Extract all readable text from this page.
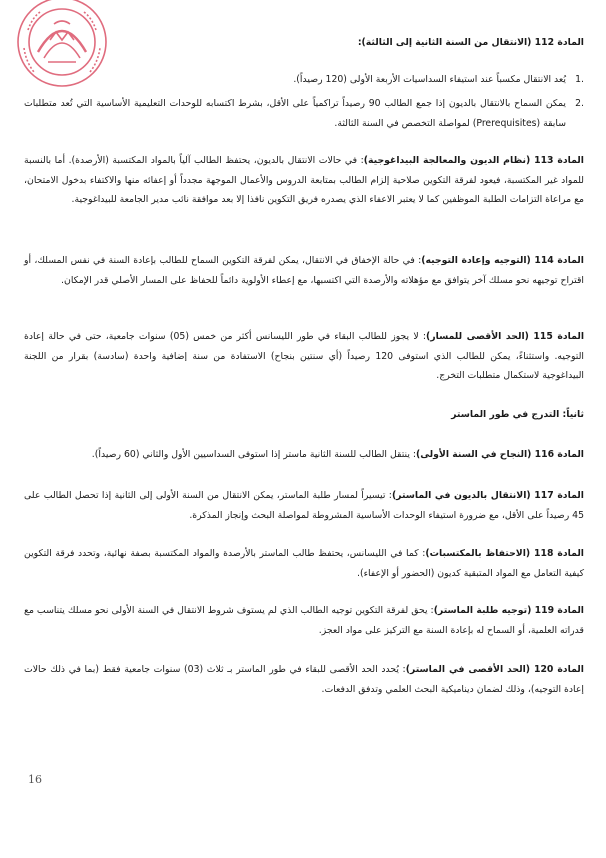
المادة 112 (الانتقال من السنة الثانية إلى الثالثة):

.1
يُعد الانتقال مكسباً عند استيفاء السداسيات الأربعة الأولى (120 رصيداً).
.2
يمكن السماح بالانتقال بالديون إذا جمع الطالب 90 رصيداً تراكمياً على الأقل، بشرط اكتسابه للوحدات التعليمية الأساسية التي تُعد متطلبات سابقة (Prerequisites) لمواصلة التخصص في السنة الثالثة.

المادة 113 (نظام الديون والمعالجة البيداغوجية): في حالات الانتقال بالديون، يحتفظ الطالب آلياً بالمواد المكتسبة (الأرصدة). أما بالنسبة للمواد غير المكتسبة، فيعود لفرقة التكوين صلاحية إلزام الطالب بمتابعة الدروس والأعمال الموجهة مجدداً أو إعفائه منها والاكتفاء بدخول الامتحان، مع مراعاة التزامات الطلبة الموظفين كما لا يعتبر الاعفاء الذي يصدره فريق التكوين نافذا إلا بعد موافقة نائب مدير الجامعة للبيداغوجية.

المادة 114 (التوجيه وإعادة التوجيه): في حالة الإخفاق في الانتقال، يمكن لفرقة التكوين السماح للطالب بإعادة السنة في نفس المسلك، أو اقتراح توجيهه نحو مسلك آخر يتوافق مع مؤهلاته والأرصدة التي اكتسبها، مع إعطاء الأولوية دائماً للحفاظ على المسار الأصلي قدر الإمكان.

المادة 115 (الحد الأقصى للمسار): لا يجوز للطالب البقاء في طور الليسانس أكثر من خمس (05) سنوات جامعية، حتى في حالة إعادة التوجيه. واستثناءً، يمكن للطالب الذي استوفى 120 رصيداً (أي سنتين بنجاح) الاستفادة من سنة إضافية واحدة (سادسة) بقرار من اللجنة البيداغوجية لاستكمال متطلبات التخرج.

ثانياً: التدرج في طور الماستر

المادة 116 (النجاح في السنة الأولى): ينتقل الطالب للسنة الثانية ماستر إذا استوفى السداسيين الأول والثاني (60 رصيداً).

المادة 117 (الانتقال بالديون في الماستر): تيسيراً لمسار طلبة الماستر، يمكن الانتقال من السنة الأولى إلى الثانية إذا تحصل الطالب على 45 رصيداً على الأقل، مع ضرورة استيفاء الوحدات الأساسية المشروطة لمواصلة البحث وإنجاز المذكرة.

المادة 118 (الاحتفاظ بالمكتسبات): كما في الليسانس، يحتفظ طالب الماستر بالأرصدة والمواد المكتسبة بصفة نهائية، وتحدد فرقة التكوين كيفية التعامل مع المواد المتبقية كديون (الحضور أو الإعفاء).

المادة 119 (توجيه طلبة الماستر): يحق لفرقة التكوين توجيه الطالب الذي لم يستوف شروط الانتقال في السنة الأولى نحو مسلك يتناسب مع قدراته العلمية، أو السماح له بإعادة السنة مع التركيز على مواد العجز.

المادة 120 (الحد الأقصى في الماستر): يُحدد الحد الأقصى للبقاء في طور الماستر بـ ثلاث (03) سنوات جامعية فقط (بما في ذلك حالات إعادة التوجيه)، وذلك لضمان ديناميكية البحث العلمي وتدفق الدفعات.

16
